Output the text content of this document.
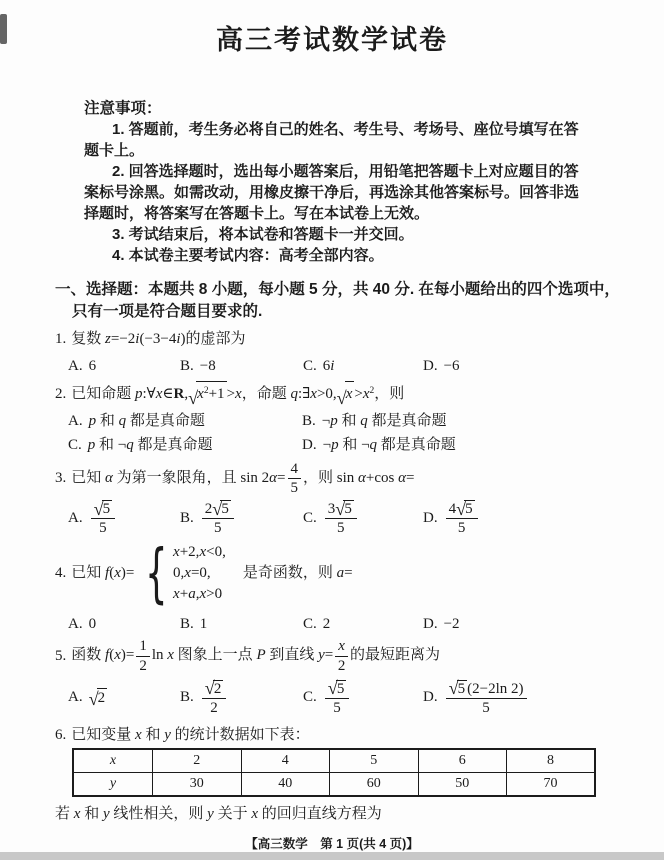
高三考试数学试卷
注意事项：
1. 答题前，考生务必将自己的姓名、考生号、考场号、座位号填写在答题卡上。
2. 回答选择题时，选出每小题答案后，用铅笔把答题卡上对应题目的答案标号涂黑。如需改动，用橡皮擦干净后，再选涂其他答案标号。回答非选择题时，将答案写在答题卡上。写在本试卷上无效。
3. 考试结束后，将本试卷和答题卡一并交回。
4. 本试卷主要考试内容：高考全部内容。
一、选择题：本题共 8 小题，每小题 5 分，共 40 分. 在每小题给出的四个选项中，只有一项是符合题目要求的.
1. 复数 z=−2i(−3−4i)的虚部为
A. 6	B. −8	C. 6i	D. −6
2. 已知命题 $p:\forall x\in R,√x^2+1 >x$，命题 q:∃x>0,√x $>x^2$，则
A. p 和 q 都是真命题	B. ¬p 和 q 都是真命题
C. p 和 ¬q 都是真命题	D. ¬p 和 ¬q 都是真命题
3. 已知 α 为第一象限角，且 $\sin 2\alpha= \frac{4}{5}$ ，则 sin α+cos α=
A. $\frac{√5}{5}$	B. $\frac{2√5}{5}$	C. $\frac{3√5}{5}$	D. $\frac{4√5}{5}$
4. 已知 f(x)= { x+2,x<0,
0,x=0,
x+a,x>0
　是奇函数，则 a=
A. 0	B. 1	C. 2	D. −2
5. 函数 $f(x)= \frac{1}{2}$ ln x 图象上一点 P 到直线 $y= \frac{x}{2}$ 的最短距离为
A. √2	B. $\frac{√2}{2}$	C. $\frac{√5}{5}$	D. $\frac{√5 (2-2\ln 2)}{5}$
6. 已知变量 x 和 y 的统计数据如下表：
x	2	4	5	6	8
y	30	40	60	50	70
若 x 和 y 线性相关，则 y 关于 x 的回归直线方程为
【高三数学　第 1 页(共 4 页)】
